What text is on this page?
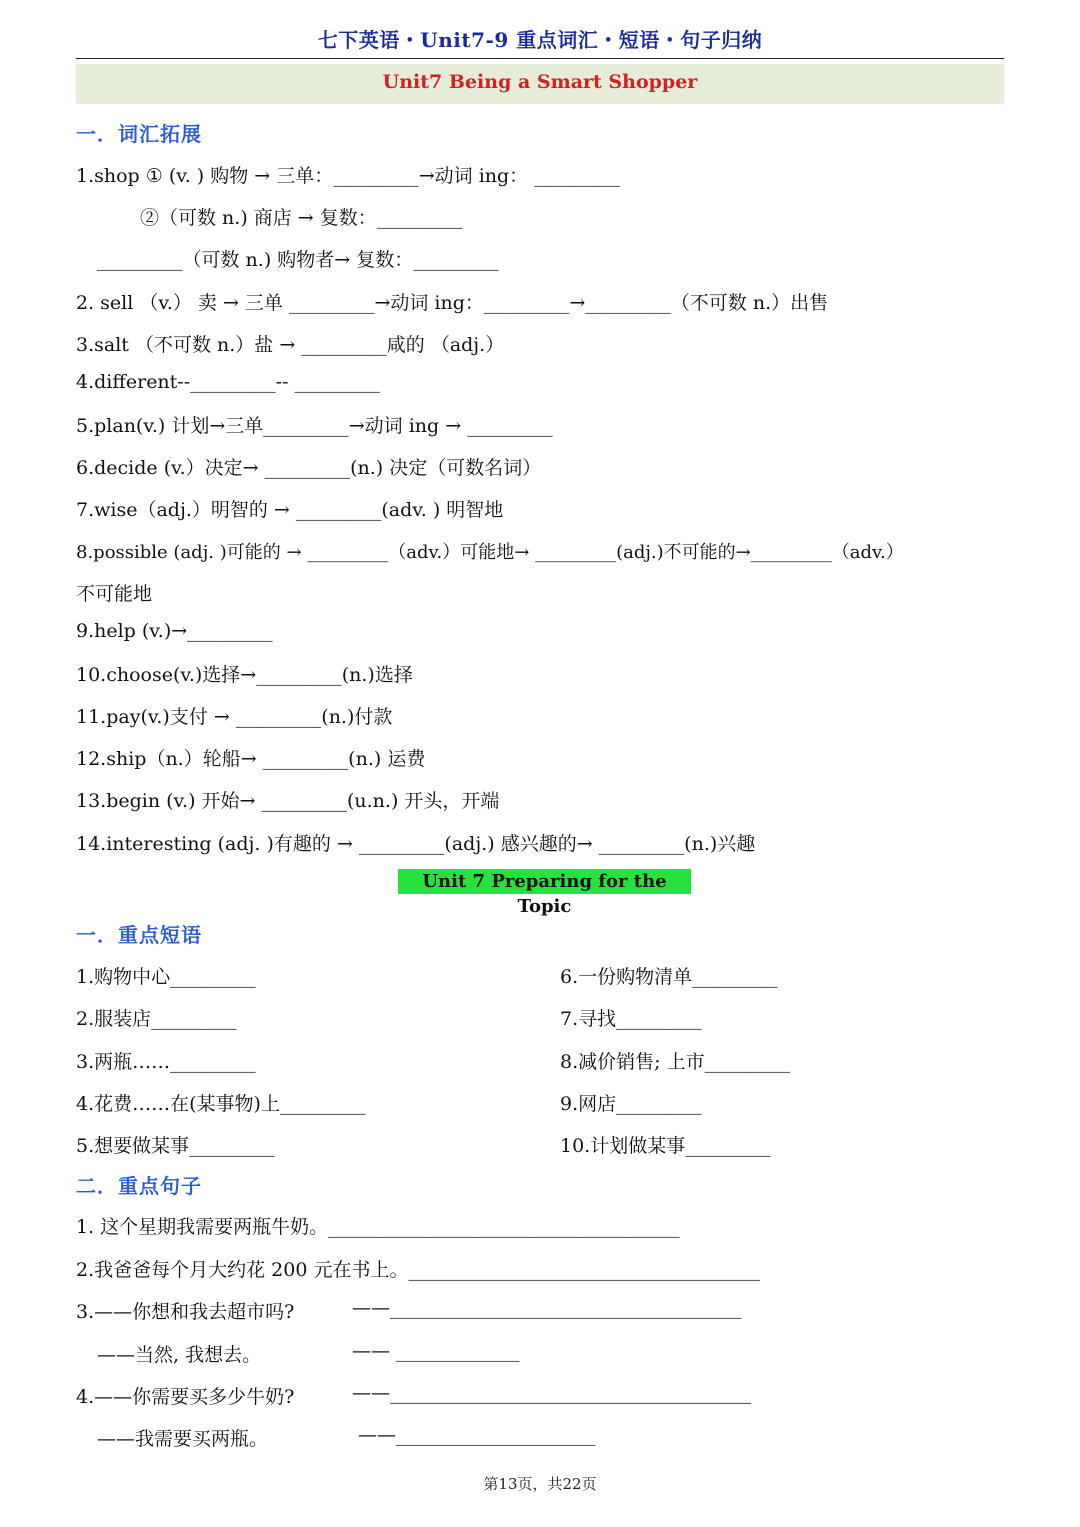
七下英语・Unit7-9 重点词汇・短语・句子归纳
Unit7 Being a Smart Shopper
一．词汇拓展
1.shop ① (v. ) 购物 → 三单：_________→动词 ing： _________
②（可数 n.) 商店 → 复数：_________
_________（可数 n.) 购物者→ 复数：_________
2. sell （v.） 卖 → 三单 _________→动词 ing：_________→_________（不可数 n.）出售
3.salt （不可数 n.）盐 → _________咸的 （adj.）
4.different--_________-- _________
5.plan(v.) 计划→三单_________→动词 ing → _________
6.decide (v.）决定→ _________(n.) 决定（可数名词）
7.wise（adj.）明智的 → _________(adv. ) 明智地
8.possible (adj. )可能的 → _________（adv.）可能地→ _________(adj.)不可能的→_________（adv.）
不可能地
9.help (v.)→_________
10.choose(v.)选择→_________(n.)选择
11.pay(v.)支付 → _________(n.)付款
12.ship（n.）轮船→ _________(n.) 运费
13.begin (v.) 开始→ _________(u.n.) 开头，开端
14.interesting (adj. )有趣的 → _________(adj.) 感兴趣的→ _________(n.)兴趣
Unit 7 Preparing for the Topic
一．重点短语
1.购物中心_________
2.服装店_________
3.两瓶……_________
4.花费……在(某事物)上_________
5.想要做某事_________
6.一份购物清单_________
7.寻找_________
8.减价销售; 上市_________
9.网店_________
10.计划做某事_________
二．重点句子
1. 这个星期我需要两瓶牛奶。_____________________________________
2.我爸爸每个月大约花 200 元在书上。_____________________________________
3.——你想和我去超市吗?	——_____________________________________
——当然, 我想去。	—— _____________
4.——你需要买多少牛奶?	——______________________________________
——我需要买两瓶。	——_____________________
第13页，共22页
